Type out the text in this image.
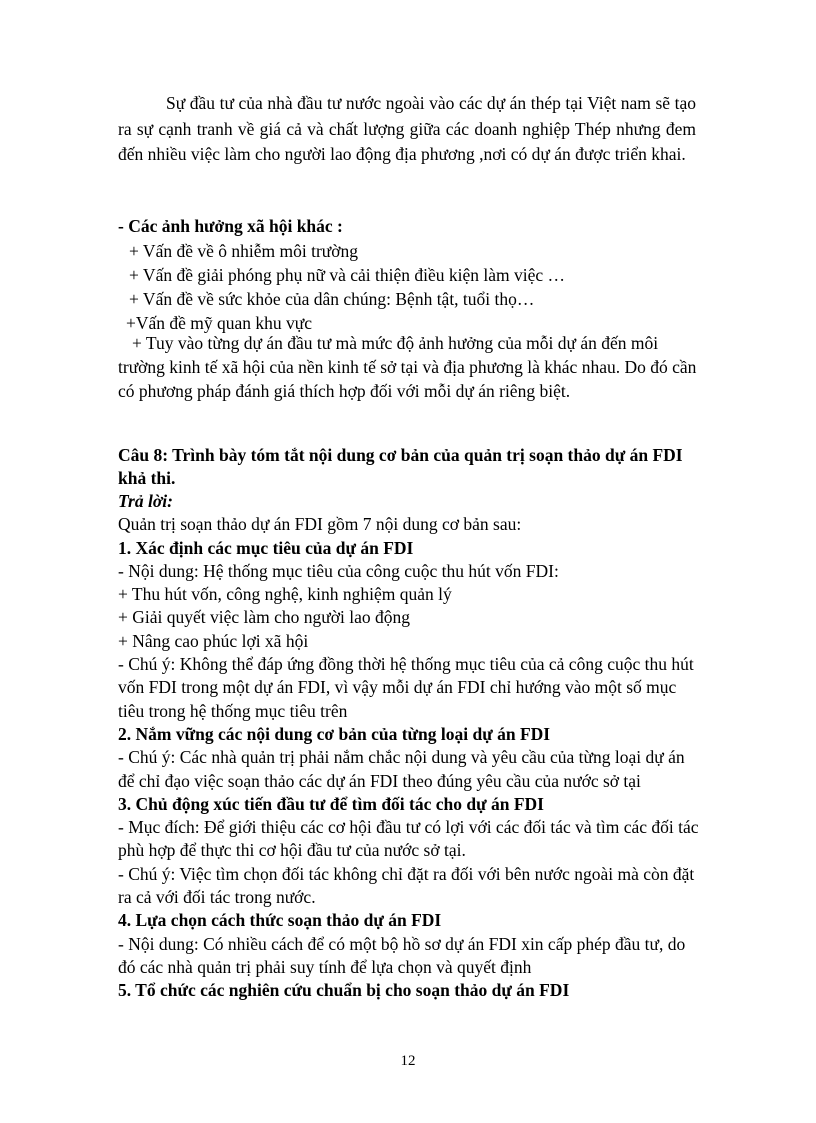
Sự đầu tư của nhà đầu tư nước ngoài vào các dự án thép tại Việt nam sẽ tạo ra sự cạnh tranh về giá cả và chất lượng giữa các doanh nghiệp Thép nhưng đem đến nhiều việc làm cho người lao động địa phương ,nơi có dự án được triển khai.

- Các ảnh hưởng xã hội khác :

+ Vấn đề về ô nhiễm môi trường
+ Vấn đề giải phóng phụ nữ và cải thiện điều kiện làm việc …
+ Vấn đề về sức khỏe của dân chúng: Bệnh tật, tuổi thọ…
+Vấn đề mỹ quan khu vực

+ Tuy vào từng dự án đầu tư mà mức độ ảnh hưởng của mỗi dự án đến môi trường kinh tế xã hội của nền kinh tế sở tại và địa phương là khác nhau. Do đó cần có phương pháp đánh giá thích hợp đối với mỗi dự án riêng biệt.

Câu 8: Trình bày tóm tắt nội dung cơ bản của quản trị soạn thảo dự án FDI khả thi.

Trả lời:

Quản trị soạn thảo dự án FDI gồm 7 nội dung cơ bản sau:

1. Xác định các mục tiêu của dự án FDI

- Nội dung: Hệ thống mục tiêu của công cuộc thu hút vốn FDI:

+ Thu hút vốn, công nghệ, kinh nghiệm quản lý

+ Giải quyết việc làm cho người lao động

+ Nâng cao phúc lợi xã hội

- Chú ý: Không thể đáp ứng đồng thời hệ thống mục tiêu của cả công cuộc thu hút vốn FDI trong một dự án FDI, vì vậy mỗi dự án FDI chỉ hướng vào một số mục tiêu trong hệ thống mục tiêu trên

2. Nắm vững các nội dung cơ bản của từng loại dự án FDI

- Chú ý: Các nhà quản trị phải nắm chắc nội dung và yêu cầu của từng loại dự án để chỉ đạo việc soạn thảo các dự án FDI theo đúng yêu cầu của nước sở tại

3. Chủ động xúc tiến đầu tư để tìm đối tác cho dự án FDI

- Mục đích: Để giới thiệu các cơ hội đầu tư có lợi với các đối tác và tìm các đối tác phù hợp để thực thi cơ hội đầu tư của nước sở tại.

- Chú ý: Việc tìm chọn đối tác không chỉ đặt ra đối với bên nước ngoài mà còn đặt ra cả với đối tác trong nước.

4. Lựa chọn cách thức soạn thảo dự án FDI

- Nội dung: Có nhiều cách để có một bộ hồ sơ dự án FDI xin cấp phép đầu tư, do đó các nhà quản trị phải suy tính để lựa chọn và quyết định

5. Tổ chức các nghiên cứu chuẩn bị cho soạn thảo dự án FDI

12
